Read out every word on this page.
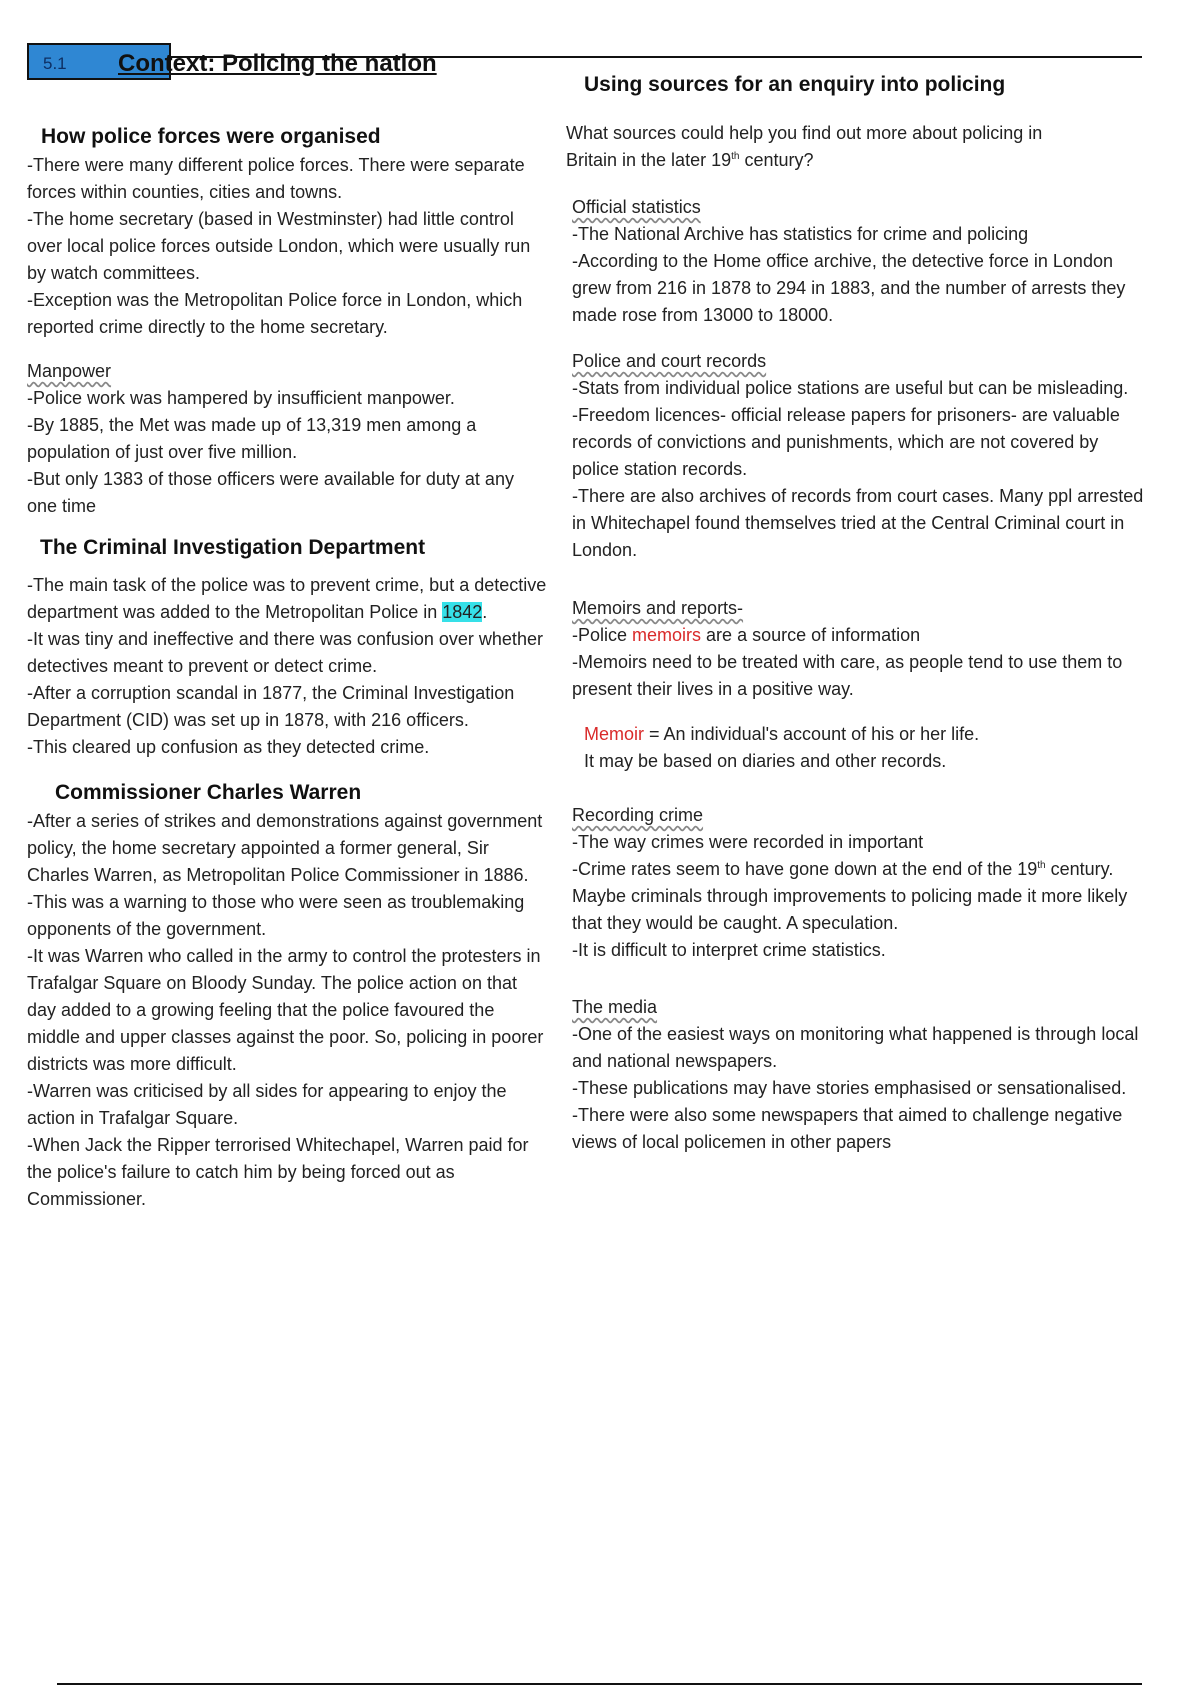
5.1 Context: Policing the nation
How police forces were organised

-There were many different police forces. There were separate forces within counties, cities and towns.

-The home secretary (based in Westminster) had little control over local police forces outside London, which were usually run by watch committees.

-Exception was the Metropolitan Police force in London, which reported crime directly to the home secretary.

Manpower

-Police work was hampered by insufficient manpower.

-By 1885, the Met was made up of 13,319 men among a population of just over five million.

-But only 1383 of those officers were available for duty at any one time

The Criminal Investigation Department

-The main task of the police was to prevent crime, but a detective department was added to the Metropolitan Police in 1842.

-It was tiny and ineffective and there was confusion over whether detectives meant to prevent or detect crime.

-After a corruption scandal in 1877, the Criminal Investigation Department (CID) was set up in 1878, with 216 officers.

-This cleared up confusion as they detected crime.

Commissioner Charles Warren

-After a series of strikes and demonstrations against government policy, the home secretary appointed a former general, Sir Charles Warren, as Metropolitan Police Commissioner in 1886.

-This was a warning to those who were seen as troublemaking opponents of the government.

-It was Warren who called in the army to control the protesters in Trafalgar Square on Bloody Sunday. The police action on that day added to a growing feeling that the police favoured the middle and upper classes against the poor. So, policing in poorer districts was more difficult.

-Warren was criticised by all sides for appearing to enjoy the action in Trafalgar Square.

-When Jack the Ripper terrorised Whitechapel, Warren paid for the police's failure to catch him by being forced out as Commissioner.

Using sources for an enquiry into policing

What sources could help you find out more about policing in Britain in the later 19th century?

Official statistics

-The National Archive has statistics for crime and policing

-According to the Home office archive, the detective force in London grew from 216 in 1878 to 294 in 1883, and the number of arrests they made rose from 13000 to 18000.

Police and court records

-Stats from individual police stations are useful but can be misleading.

-Freedom licences- official release papers for prisoners- are valuable records of convictions and punishments, which are not covered by police station records.

-There are also archives of records from court cases. Many ppl arrested in Whitechapel found themselves tried at the Central Criminal court in London.

Memoirs and reports-

-Police memoirs are a source of information

-Memoirs need to be treated with care, as people tend to use them to present their lives in a positive way.

Memoir = An individual's account of his or her life.

It may be based on diaries and other records.

Recording crime

-The way crimes were recorded in important

-Crime rates seem to have gone down at the end of the 19th century. Maybe criminals through improvements to policing made it more likely that they would be caught. A speculation.

-It is difficult to interpret crime statistics.

The media

-One of the easiest ways on monitoring what happened is through local and national newspapers.

-These publications may have stories emphasised or sensationalised.

-There were also some newspapers that aimed to challenge negative views of local policemen in other papers
